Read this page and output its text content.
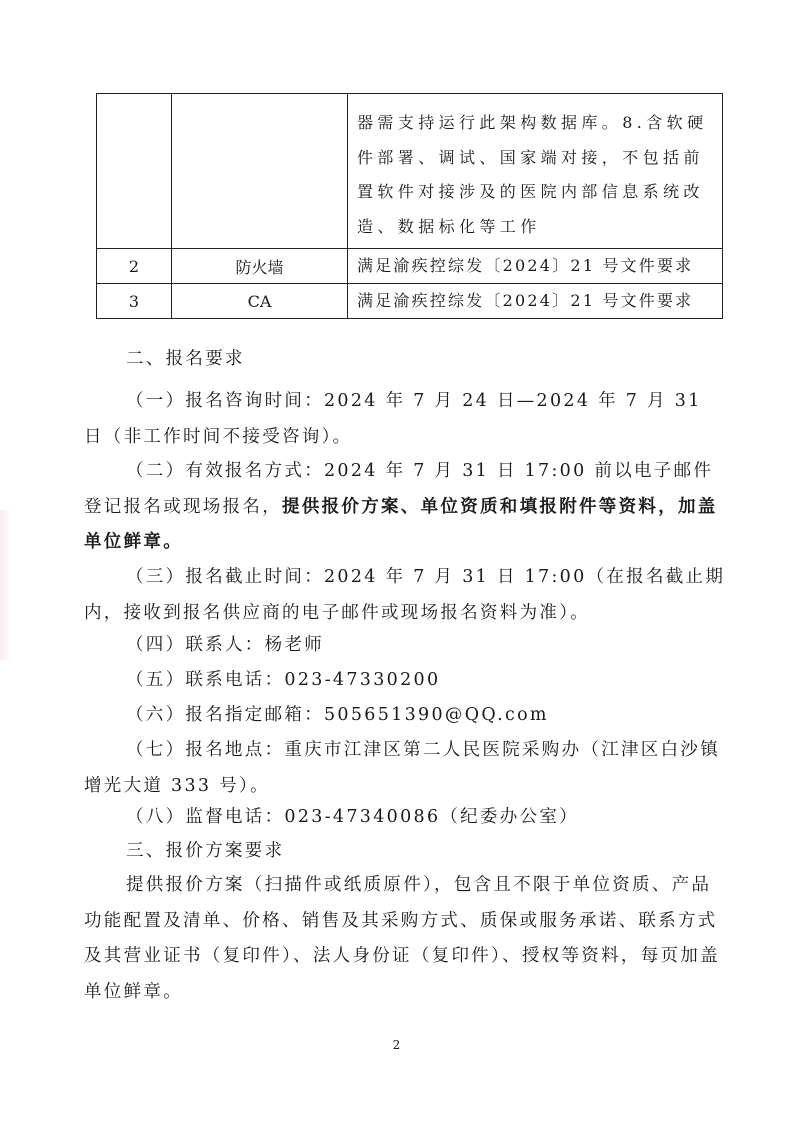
		器需支持运行此架构数据库。8.含软硬件部署、调试、国家端对接，不包括前置软件对接涉及的医院内部信息系统改造、数据标化等工作
2	防火墙	满足渝疾控综发〔2024〕21 号文件要求
3	CA	满足渝疾控综发〔2024〕21 号文件要求

二、报名要求

（一）报名咨询时间：2024 年 7 月 24 日—2024 年 7 月 31 日（非工作时间不接受咨询）。

（二）有效报名方式：2024 年 7 月 31 日 17:00 前以电子邮件登记报名或现场报名，提供报价方案、单位资质和填报附件等资料，加盖单位鲜章。

（三）报名截止时间：2024 年 7 月 31 日 17:00（在报名截止期内，接收到报名供应商的电子邮件或现场报名资料为准）。

（四）联系人：杨老师

（五）联系电话：023-47330200

（六）报名指定邮箱：505651390@QQ.com

（七）报名地点：重庆市江津区第二人民医院采购办（江津区白沙镇增光大道 333 号）。

（八）监督电话：023-47340086（纪委办公室）

三、报价方案要求

提供报价方案（扫描件或纸质原件），包含且不限于单位资质、产品功能配置及清单、价格、销售及其采购方式、质保或服务承诺、联系方式及其营业证书（复印件）、法人身份证（复印件）、授权等资料，每页加盖单位鲜章。

2
